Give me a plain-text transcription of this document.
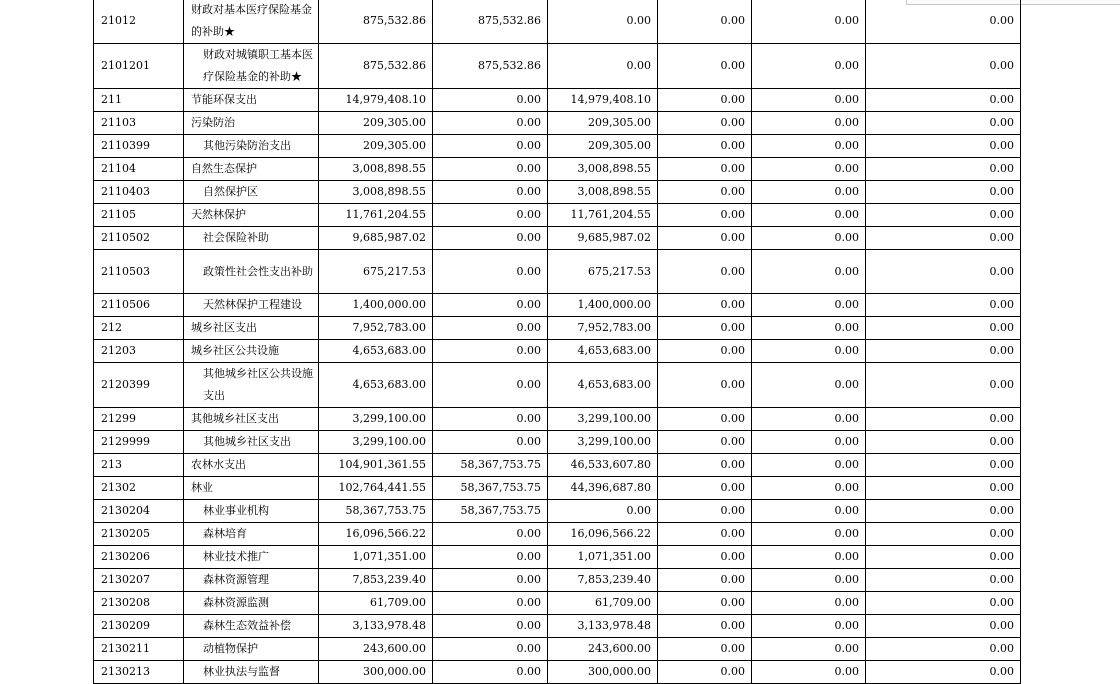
21012	财政对基本医疗保险基金的补助★	875,532.86	875,532.86	0.00	0.00	0.00	0.00
2101201	财政对城镇职工基本医疗保险基金的补助★	875,532.86	875,532.86	0.00	0.00	0.00	0.00
211	节能环保支出	14,979,408.10	0.00	14,979,408.10	0.00	0.00	0.00
21103	污染防治	209,305.00	0.00	209,305.00	0.00	0.00	0.00
2110399	其他污染防治支出	209,305.00	0.00	209,305.00	0.00	0.00	0.00
21104	自然生态保护	3,008,898.55	0.00	3,008,898.55	0.00	0.00	0.00
2110403	自然保护区	3,008,898.55	0.00	3,008,898.55	0.00	0.00	0.00
21105	天然林保护	11,761,204.55	0.00	11,761,204.55	0.00	0.00	0.00
2110502	社会保险补助	9,685,987.02	0.00	9,685,987.02	0.00	0.00	0.00
2110503	政策性社会性支出补助	675,217.53	0.00	675,217.53	0.00	0.00	0.00
2110506	天然林保护工程建设	1,400,000.00	0.00	1,400,000.00	0.00	0.00	0.00
212	城乡社区支出	7,952,783.00	0.00	7,952,783.00	0.00	0.00	0.00
21203	城乡社区公共设施	4,653,683.00	0.00	4,653,683.00	0.00	0.00	0.00
2120399	其他城乡社区公共设施支出	4,653,683.00	0.00	4,653,683.00	0.00	0.00	0.00
21299	其他城乡社区支出	3,299,100.00	0.00	3,299,100.00	0.00	0.00	0.00
2129999	其他城乡社区支出	3,299,100.00	0.00	3,299,100.00	0.00	0.00	0.00
213	农林水支出	104,901,361.55	58,367,753.75	46,533,607.80	0.00	0.00	0.00
21302	林业	102,764,441.55	58,367,753.75	44,396,687.80	0.00	0.00	0.00
2130204	林业事业机构	58,367,753.75	58,367,753.75	0.00	0.00	0.00	0.00
2130205	森林培育	16,096,566.22	0.00	16,096,566.22	0.00	0.00	0.00
2130206	林业技术推广	1,071,351.00	0.00	1,071,351.00	0.00	0.00	0.00
2130207	森林资源管理	7,853,239.40	0.00	7,853,239.40	0.00	0.00	0.00
2130208	森林资源监测	61,709.00	0.00	61,709.00	0.00	0.00	0.00
2130209	森林生态效益补偿	3,133,978.48	0.00	3,133,978.48	0.00	0.00	0.00
2130211	动植物保护	243,600.00	0.00	243,600.00	0.00	0.00	0.00
2130213	林业执法与监督	300,000.00	0.00	300,000.00	0.00	0.00	0.00
